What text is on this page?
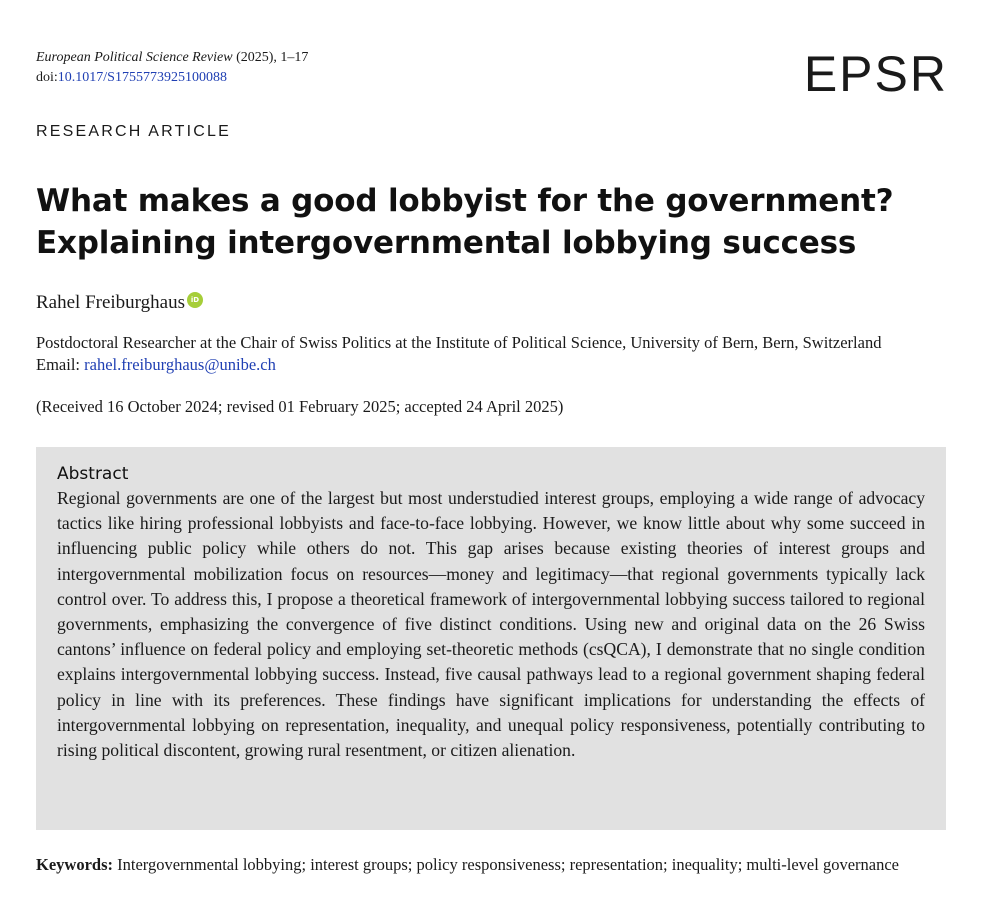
European Political Science Review (2025), 1–17
doi:10.1017/S1755773925100088	EPSR
RESEARCH ARTICLE
What makes a good lobbyist for the government? Explaining intergovernmental lobbying success
Rahel Freiburghaus iD
Postdoctoral Researcher at the Chair of Swiss Politics at the Institute of Political Science, University of Bern, Bern, Switzerland
Email: rahel.freiburghaus@unibe.ch
(Received 16 October 2024; revised 01 February 2025; accepted 24 April 2025)
Abstract

Regional governments are one of the largest but most understudied interest groups, employing a wide range of advocacy tactics like hiring professional lobbyists and face-to-face lobbying. However, we know little about why some succeed in influencing public policy while others do not. This gap arises because existing theories of interest groups and intergovernmental mobilization focus on resources—money and legitimacy—that regional governments typically lack control over. To address this, I propose a theoretical framework of intergovernmental lobbying success tailored to regional governments, emphasizing the convergence of five distinct conditions. Using new and original data on the 26 Swiss cantons’ influence on federal policy and employing set-theoretic methods (csQCA), I demonstrate that no single condition explains intergovernmental lobbying success. Instead, five causal pathways lead to a regional government shaping federal policy in line with its preferences. These findings have significant implications for understanding the effects of intergovernmental lobbying on representation, inequality, and unequal policy responsiveness, potentially contributing to rising political discontent, growing rural resentment, or citizen alienation.

Keywords: Intergovernmental lobbying; interest groups; policy responsiveness; representation; inequality; multi-level governance
